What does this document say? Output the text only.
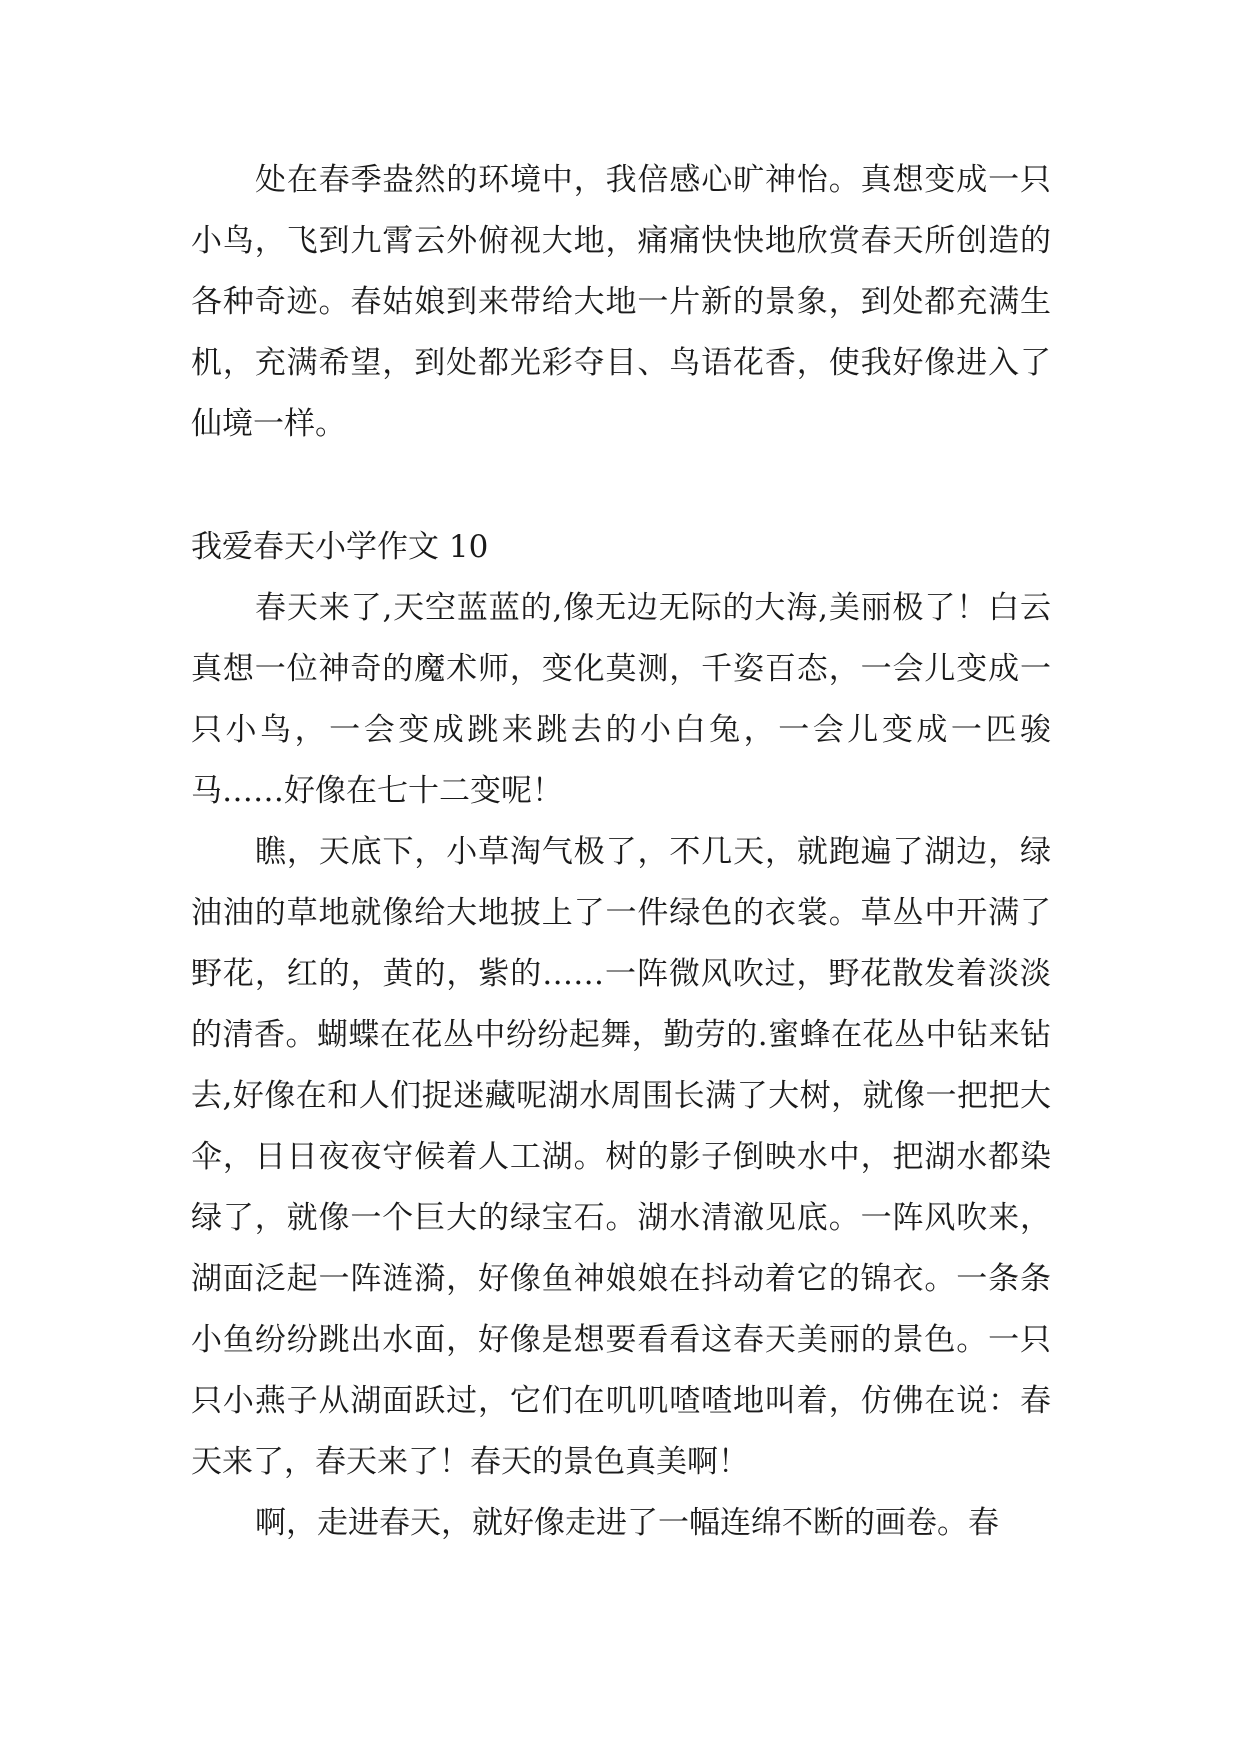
处在春季盎然的环境中，我倍感心旷神怡。真想变成一只小鸟，飞到九霄云外俯视大地，痛痛快快地欣赏春天所创造的各种奇迹。春姑娘到来带给大地一片新的景象，到处都充满生机，充满希望，到处都光彩夺目、鸟语花香，使我好像进入了仙境一样。

我爱春天小学作文 10

春天来了,天空蓝蓝的,像无边无际的大海,美丽极了！白云真想一位神奇的魔术师，变化莫测，千姿百态，一会儿变成一只小鸟，一会变成跳来跳去的小白兔，一会儿变成一匹骏马……好像在七十二变呢！

瞧，天底下，小草淘气极了，不几天，就跑遍了湖边，绿油油的草地就像给大地披上了一件绿色的衣裳。草丛中开满了野花，红的，黄的，紫的……一阵微风吹过，野花散发着淡淡的清香。蝴蝶在花丛中纷纷起舞，勤劳的.蜜蜂在花丛中钻来钻去,好像在和人们捉迷藏呢湖水周围长满了大树，就像一把把大伞，日日夜夜守候着人工湖。树的影子倒映水中，把湖水都染绿了，就像一个巨大的绿宝石。湖水清澈见底。一阵风吹来，湖面泛起一阵涟漪，好像鱼神娘娘在抖动着它的锦衣。一条条小鱼纷纷跳出水面，好像是想要看看这春天美丽的景色。一只只小燕子从湖面跃过，它们在叽叽喳喳地叫着，仿佛在说：春天来了，春天来了！春天的景色真美啊！

啊，走进春天，就好像走进了一幅连绵不断的画卷。春
